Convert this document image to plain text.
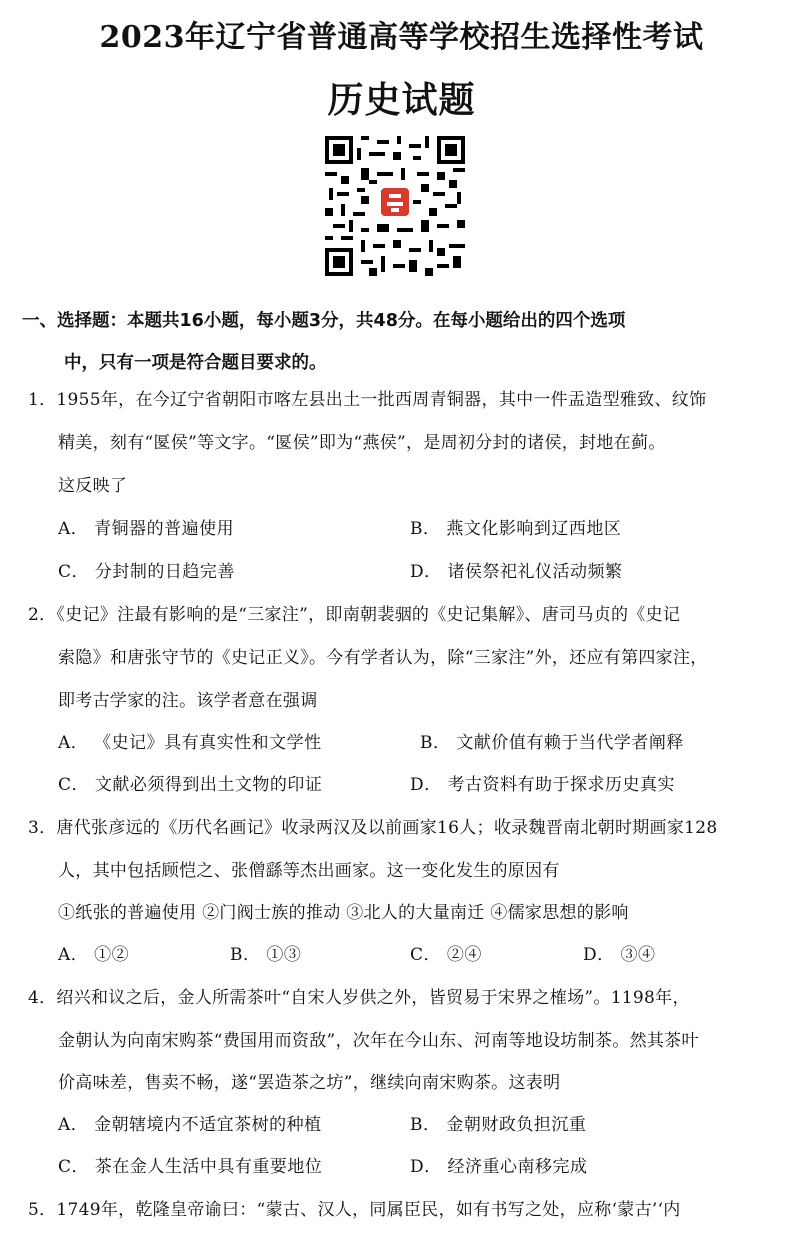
2023年辽宁省普通高等学校招生选择性考试
历史试题
一、选择题：本题共16小题，每小题3分，共48分。在每小题给出的四个选项
中，只有一项是符合题目要求的。
1．1955年，在今辽宁省朝阳市喀左县出土一批西周青铜器，其中一件盂造型雅致、纹饰
精美，刻有“匽侯”等文字。“匽侯”即为“燕侯”，是周初分封的诸侯，封地在蓟。
这反映了
A． 青铜器的普遍使用	B． 燕文化影响到辽西地区
C． 分封制的日趋完善	D． 诸侯祭祀礼仪活动频繁
2．《史记》注最有影响的是“三家注”，即南朝裴骃的《史记集解》、唐司马贞的《史记
索隐》和唐张守节的《史记正义》。今有学者认为，除“三家注”外，还应有第四家注，
即考古学家的注。该学者意在强调
A． 《史记》具有真实性和文学性	B． 文献价值有赖于当代学者阐释
C． 文献必须得到出土文物的印证	D． 考古资料有助于探求历史真实
3．唐代张彦远的《历代名画记》收录两汉及以前画家16人；收录魏晋南北朝时期画家128
人，其中包括顾恺之、张僧繇等杰出画家。这一变化发生的原因有
①纸张的普遍使用 ②门阀士族的推动 ③北人的大量南迁 ④儒家思想的影响
A． ①②	B． ①③	C． ②④	D． ③④
4．绍兴和议之后，金人所需茶叶“自宋人岁供之外，皆贸易于宋界之榷场”。1198年，
金朝认为向南宋购茶“费国用而资敌”，次年在今山东、河南等地设坊制茶。然其茶叶
价高味差，售卖不畅，遂“罢造茶之坊”，继续向南宋购茶。这表明
A． 金朝辖境内不适宜茶树的种植	B． 金朝财政负担沉重
C． 茶在金人生活中具有重要地位	D． 经济重心南移完成
5．1749年，乾隆皇帝谕曰：“蒙古、汉人，同属臣民，如有书写之处，应称‘蒙古’‘内
